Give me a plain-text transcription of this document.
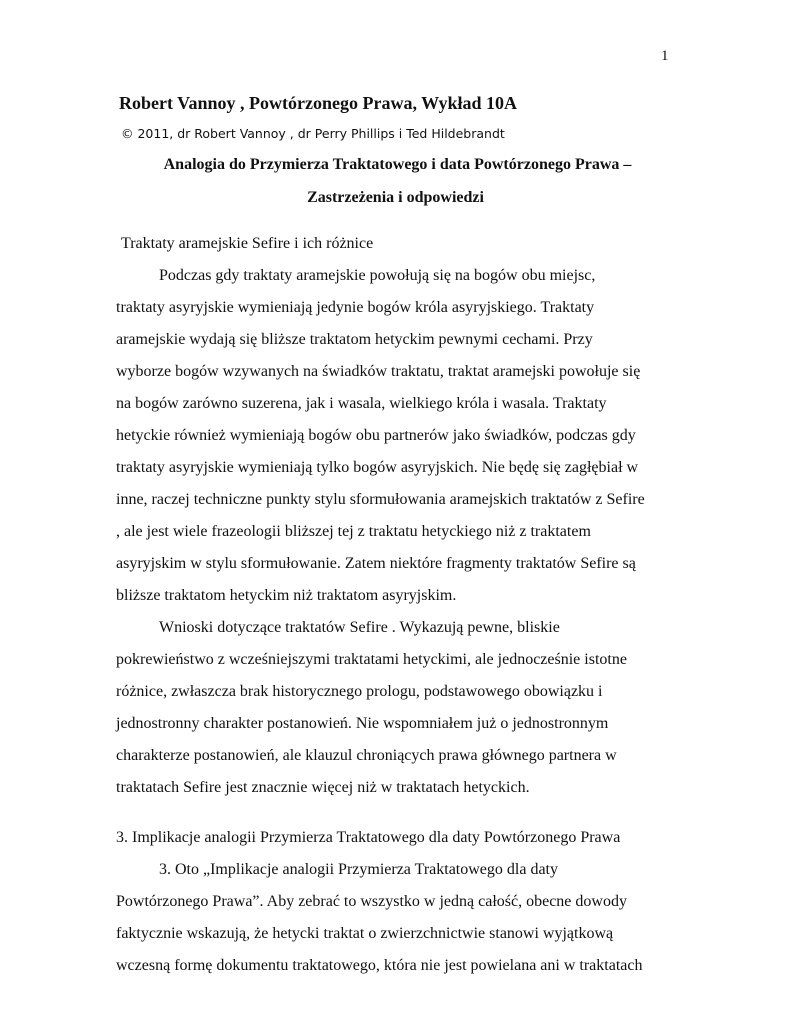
1
Robert Vannoy , Powtórzonego Prawa, Wykład 10A
© 2011, dr Robert Vannoy , dr Perry Phillips i Ted Hildebrandt
Analogia do Przymierza Traktatowego i data Powtórzonego Prawa –
Zastrzeżenia i odpowiedzi
Traktaty aramejskie Sefire i ich różnice
Podczas gdy traktaty aramejskie powołują się na bogów obu miejsc,
traktaty asyryjskie wymieniają jedynie bogów króla asyryjskiego. Traktaty
aramejskie wydają się bliższe traktatom hetyckim pewnymi cechami. Przy
wyborze bogów wzywanych na świadków traktatu, traktat aramejski powołuje się
na bogów zarówno suzerena, jak i wasala, wielkiego króla i wasala. Traktaty
hetyckie również wymieniają bogów obu partnerów jako świadków, podczas gdy
traktaty asyryjskie wymieniają tylko bogów asyryjskich. Nie będę się zagłębiał w
inne, raczej techniczne punkty stylu sformułowania aramejskich traktatów z Sefire
, ale jest wiele frazeologii bliższej tej z traktatu hetyckiego niż z traktatem
asyryjskim w stylu sformułowanie. Zatem niektóre fragmenty traktatów Sefire są
bliższe traktatom hetyckim niż traktatom asyryjskim.
Wnioski dotyczące traktatów Sefire . Wykazują pewne, bliskie
pokrewieństwo z wcześniejszymi traktatami hetyckimi, ale jednocześnie istotne
różnice, zwłaszcza brak historycznego prologu, podstawowego obowiązku i
jednostronny charakter postanowień. Nie wspomniałem już o jednostronnym
charakterze postanowień, ale klauzul chroniących prawa głównego partnera w
traktatach Sefire jest znacznie więcej niż w traktatach hetyckich.
3. Implikacje analogii Przymierza Traktatowego dla daty Powtórzonego Prawa
3. Oto „Implikacje analogii Przymierza Traktatowego dla daty
Powtórzonego Prawa”. Aby zebrać to wszystko w jedną całość, obecne dowody
faktycznie wskazują, że hetycki traktat o zwierzchnictwie stanowi wyjątkową
wczesną formę dokumentu traktatowego, która nie jest powielana ani w traktatach
